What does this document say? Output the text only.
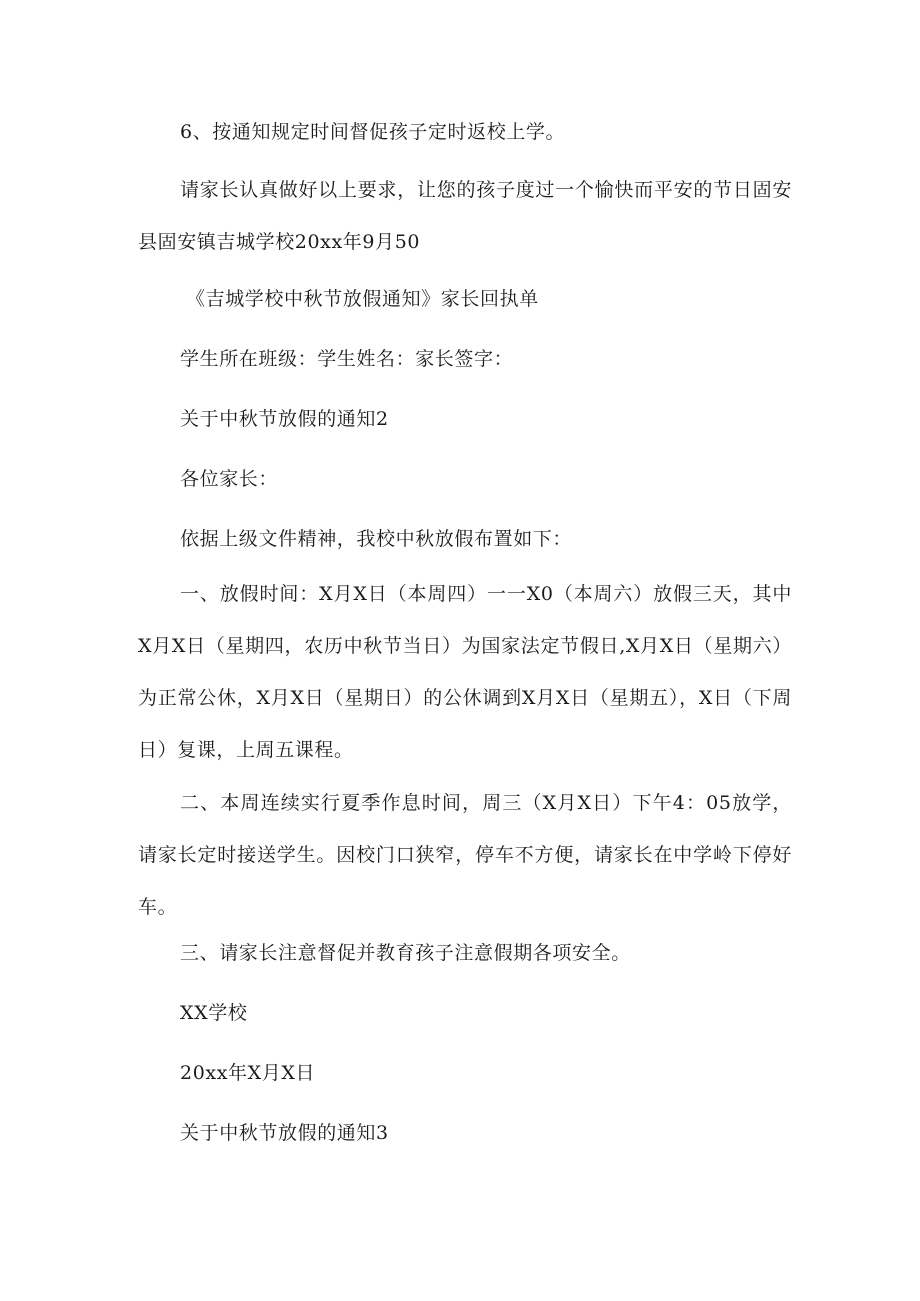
6、按通知规定时间督促孩子定时返校上学。

请家长认真做好以上要求，让您的孩子度过一个愉快而平安的节日固安县固安镇吉城学校20xx年9月50

《吉城学校中秋节放假通知》家长回执单

学生所在班级：学生姓名：家长签字：

关于中秋节放假的通知2

各位家长：

依据上级文件精神，我校中秋放假布置如下：

一、放假时间：X月X日（本周四）一一X0（本周六）放假三天，其中X月X日（星期四，农历中秋节当日）为国家法定节假日,X月X日（星期六）为正常公休，X月X日（星期日）的公休调到X月X日（星期五），X日（下周日）复课，上周五课程。

二、本周连续实行夏季作息时间，周三（X月X日）下午4：05放学，请家长定时接送学生。因校门口狭窄，停车不方便，请家长在中学岭下停好车。

三、请家长注意督促并教育孩子注意假期各项安全。

XX学校

20xx年X月X日

关于中秋节放假的通知3
